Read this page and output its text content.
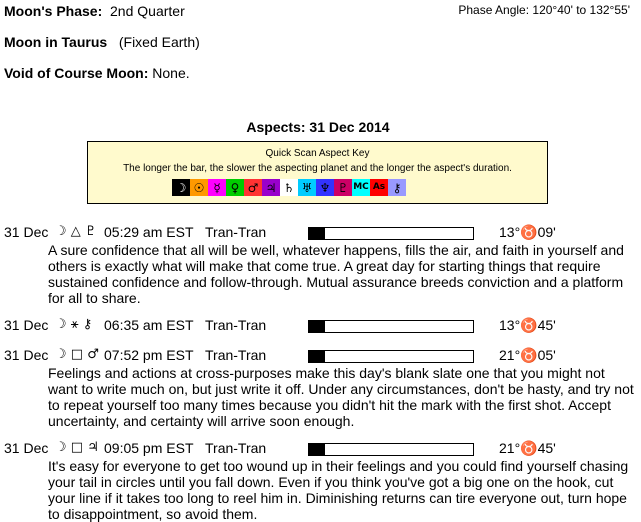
Moon's Phase: 2nd Quarter	Phase Angle: 120°40' to 132°55'
Moon in Taurus (Fixed Earth)
Void of Course Moon: None.
Aspects: 31 Dec 2014
Quick Scan Aspect Key
The longer the bar, the slower the aspecting planet and the longer the aspect's duration.
☽ ☉ ☿ ♀ ♂ ♃ ♄ ♅ ♆ ♇ MC As ⚷
31 Dec ☽ △ ♇ 05:29 am EST Tran-Tran	13°♉09'
A sure confidence that all will be well, whatever happens, fills the air, and faith in yourself and others is exactly what will make that come true. A great day for starting things that require sustained confidence and follow-through. Mutual assurance breeds conviction and a platform for all to share.
31 Dec ☽ ⚹ ⚷ 06:35 am EST Tran-Tran	13°♉45'
31 Dec ☽ □ ♂ 07:52 pm EST Tran-Tran	21°♉05'
Feelings and actions at cross-purposes make this day's blank slate one that you might not want to write much on, but just write it off. Under any circumstances, don't be hasty, and try not to repeat yourself too many times because you didn't hit the mark with the first shot. Accept uncertainty, and certainty will arrive soon enough.
31 Dec ☽ □ ♃ 09:05 pm EST Tran-Tran	21°♉45'
It's easy for everyone to get too wound up in their feelings and you could find yourself chasing your tail in circles until you fall down. Even if you think you've got a big one on the hook, cut your line if it takes too long to reel him in. Diminishing returns can tire everyone out, turn hope to disappointment, so avoid them.
